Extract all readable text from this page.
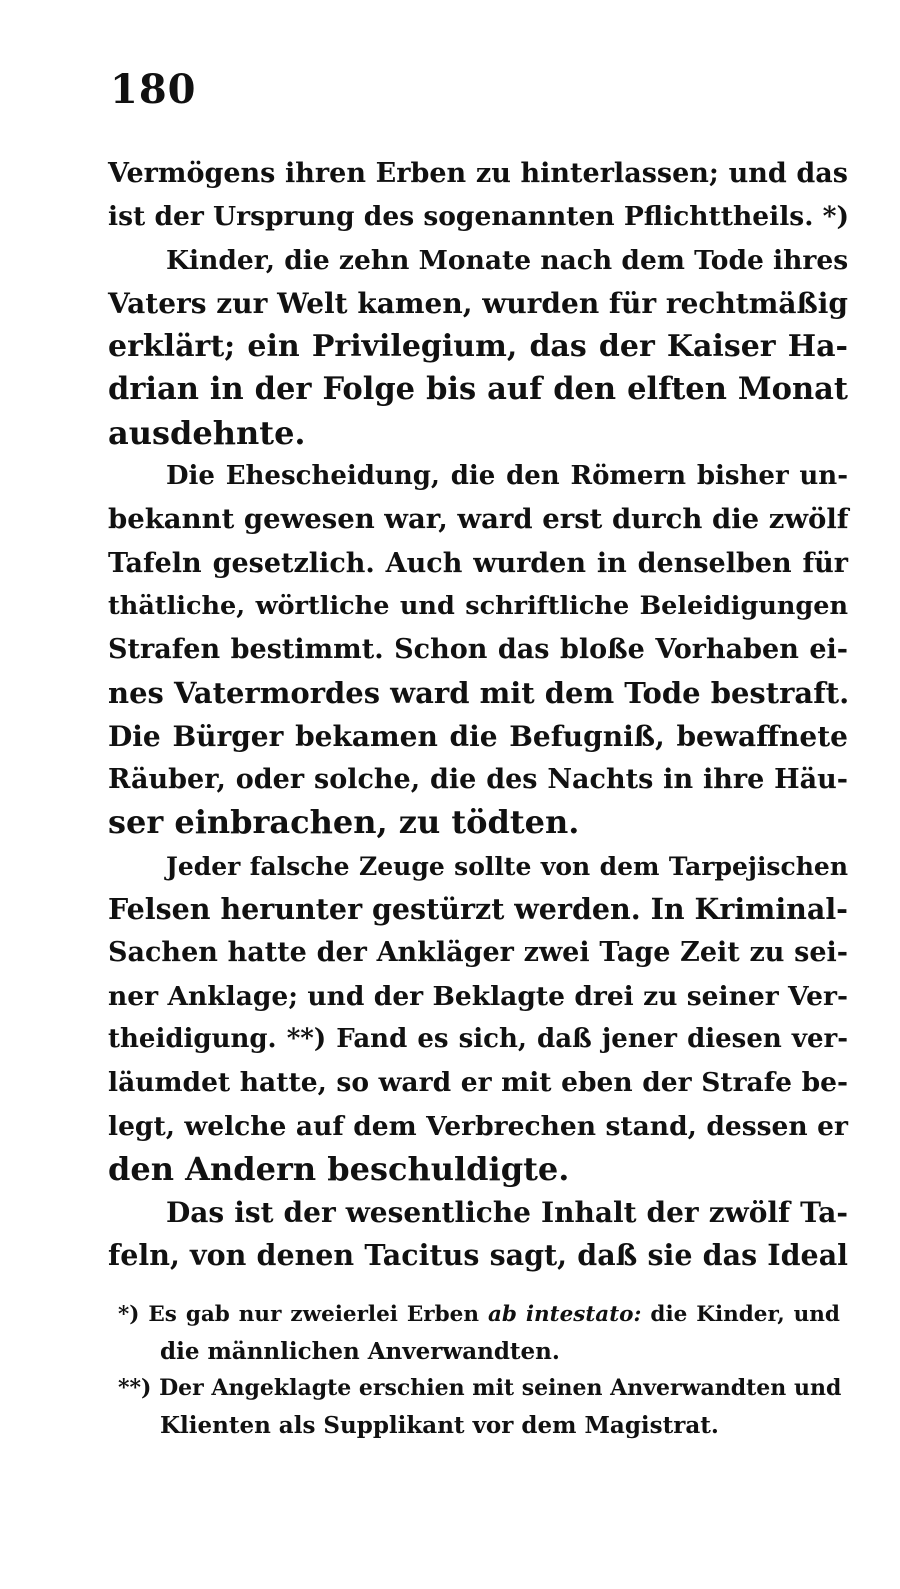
180
Vermögens ihren Erben zu hinterlassen; und das
ist der Ursprung des sogenannten Pflichttheils. *)
Kinder, die zehn Monate nach dem Tode ihres
Vaters zur Welt kamen, wurden für rechtmäßig
erklärt; ein Privilegium, das der Kaiser Ha-
drian in der Folge bis auf den elften Monat
ausdehnte.
Die Ehescheidung, die den Römern bisher un-
bekannt gewesen war, ward erst durch die zwölf
Tafeln gesetzlich. Auch wurden in denselben für
thätliche, wörtliche und schriftliche Beleidigungen
Strafen bestimmt. Schon das bloße Vorhaben ei-
nes Vatermordes ward mit dem Tode bestraft.
Die Bürger bekamen die Befugniß, bewaffnete
Räuber, oder solche, die des Nachts in ihre Häu-
ser einbrachen, zu tödten.
Jeder falsche Zeuge sollte von dem Tarpejischen
Felsen herunter gestürzt werden. In Kriminal-
Sachen hatte der Ankläger zwei Tage Zeit zu sei-
ner Anklage; und der Beklagte drei zu seiner Ver-
theidigung. **) Fand es sich, daß jener diesen ver-
läumdet hatte, so ward er mit eben der Strafe be-
legt, welche auf dem Verbrechen stand, dessen er
den Andern beschuldigte.
Das ist der wesentliche Inhalt der zwölf Ta-
feln, von denen Tacitus sagt, daß sie das Ideal
*) Es gab nur zweierlei Erben ab intestato: die Kinder, und
die männlichen Anverwandten.
**) Der Angeklagte erschien mit seinen Anverwandten und
Klienten als Supplikant vor dem Magistrat.
